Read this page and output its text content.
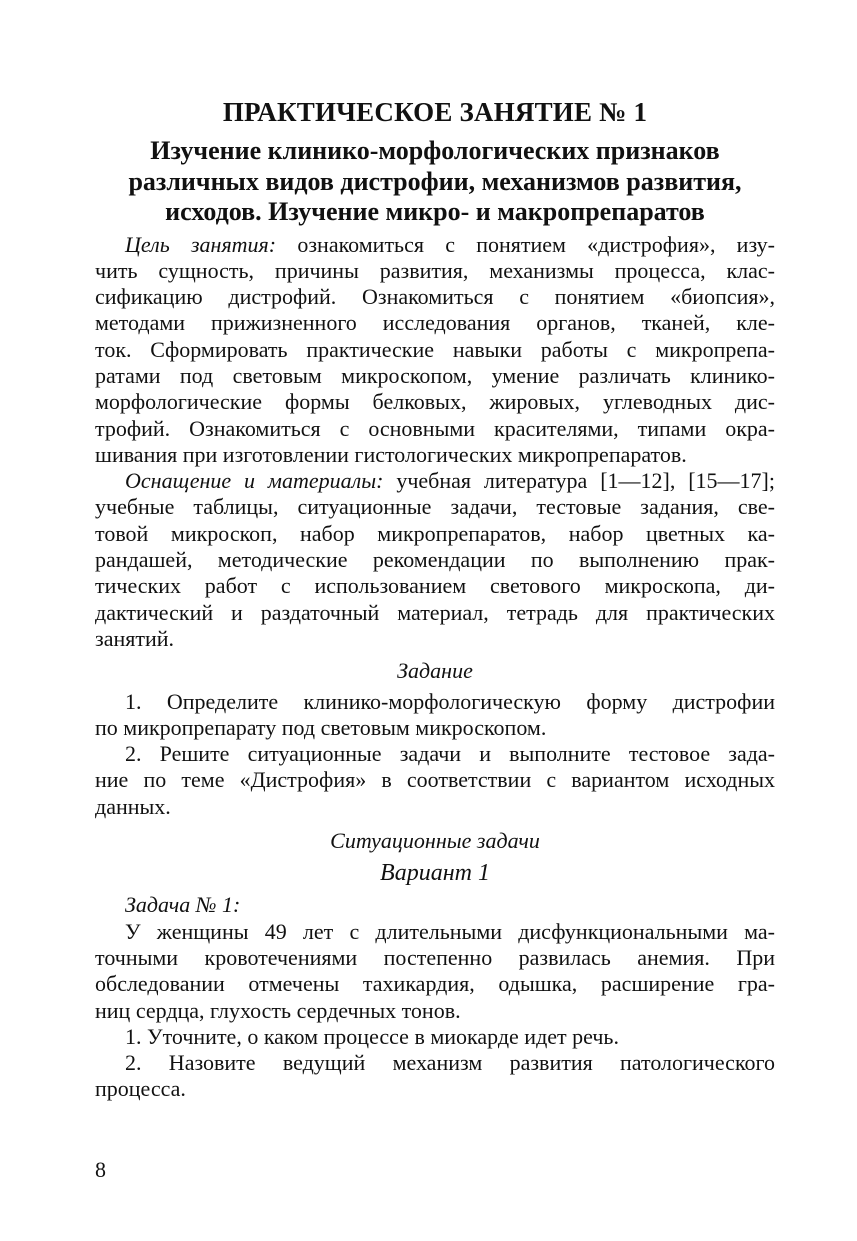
ПРАКТИЧЕСКОЕ ЗАНЯТИЕ № 1
Изучение клинико-морфологических признаков
различных видов дистрофии, механизмов развития,
исходов. Изучение микро- и макропрепаратов
Цель занятия: ознакомиться с понятием «дистрофия», изу-
чить сущность, причины развития, механизмы процесса, клас-
сификацию дистрофий. Ознакомиться с понятием «биопсия»,
методами прижизненного исследования органов, тканей, кле-
ток. Сформировать практические навыки работы с микропрепа-
ратами под световым микроскопом, умение различать клинико-
морфологические формы белковых, жировых, углеводных дис-
трофий. Ознакомиться с основными красителями, типами окра-
шивания при изготовлении гистологических микропрепаратов.
Оснащение и материалы: учебная литература [1—12], [15—17];
учебные таблицы, ситуационные задачи, тестовые задания, све-
товой микроскоп, набор микропрепаратов, набор цветных ка-
рандашей, методические рекомендации по выполнению прак-
тических работ с использованием светового микроскопа, ди-
дактический и раздаточный материал, тетрадь для практических
занятий.
Задание
1. Определите клинико-морфологическую форму дистрофии
по микропрепарату под световым микроскопом.
2. Решите ситуационные задачи и выполните тестовое зада-
ние по теме «Дистрофия» в соответствии с вариантом исходных
данных.
Ситуационные задачи
Вариант 1
Задача № 1:
У женщины 49 лет с длительными дисфункциональными ма-
точными кровотечениями постепенно развилась анемия. При
обследовании отмечены тахикардия, одышка, расширение гра-
ниц сердца, глухость сердечных тонов.
1. Уточните, о каком процессе в миокарде идет речь.
2. Назовите ведущий механизм развития патологического
процесса.
8
